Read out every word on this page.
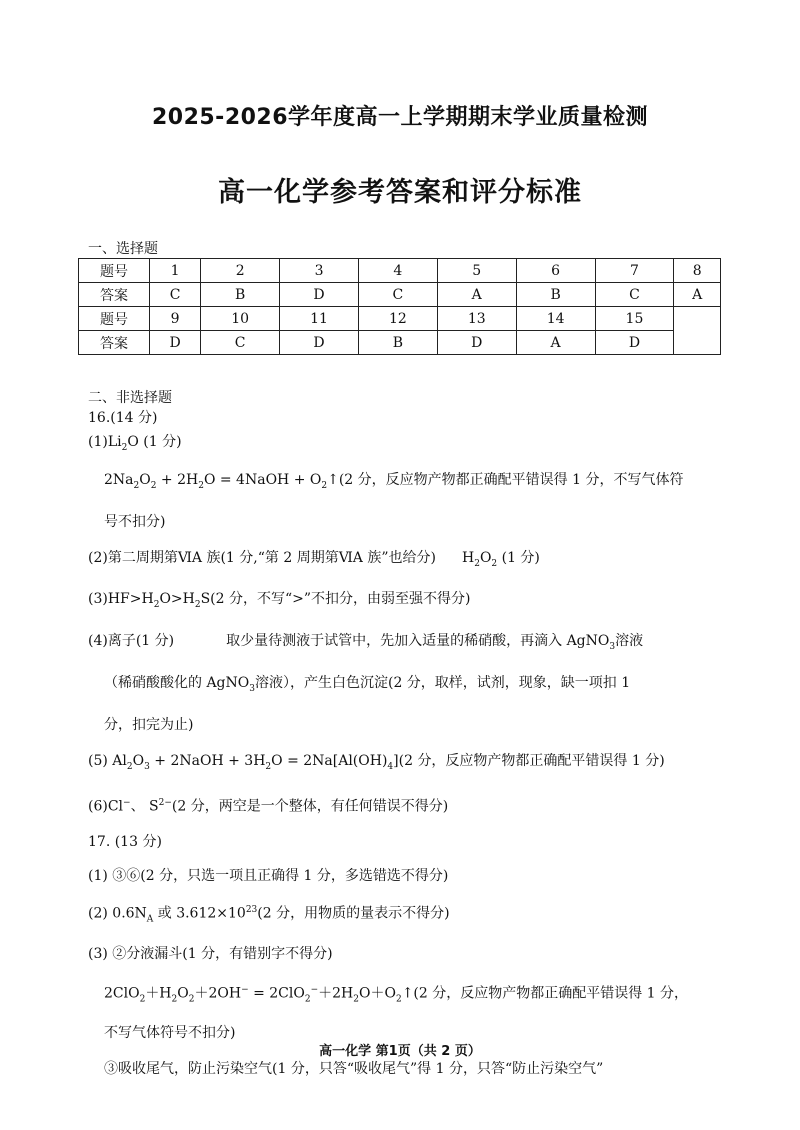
2025-2026学年度高一上学期期末学业质量检测
高一化学参考答案和评分标准
一、选择题
题号	1	2	3	4	5	6	7	8
答案	C	B	D	C	A	B	C	A
题号	9	10	11	12	13	14	15	
答案	D	C	D	B	D	A	D	
二、非选择题
16.(14 分)
$(1)Li_2O$ (1 分)
$2Na_2O_2 + 2H_2O$ = 4NaOH + $O_2↑(2$ 分，反应物产物都正确配平错误得 1 分，不写气体符
号不扣分)
(2)第二周期第ⅥA 族(1 分,“第 2 周期第ⅥA 族”也给分) $H_2O_2$ (1 分)
$(3)HF>H_2O>H_2S(2$ 分，不写“>”不扣分，由弱至强不得分)
(4)离子(1 分)	取少量待测液于试管中，先加入适量的稀硝酸，再滴入 AgNO$_3$溶液
（稀硝酸酸化的 AgNO$_3$溶液），产生白色沉淀(2 分，取样，试剂，现象，缺一项扣 1
分，扣完为止)
(5) $Al_2O_3$ + 2NaOH + $3H_2O = 2Na[Al(OH)_4](2$ 分，反应物产物都正确配平错误得 1 分)
(6)Cl−、 $S^{2-}(2$ 分，两空是一个整体，有任何错误不得分)
17. (13 分)
(1) ③⑥(2 分，只选一项且正确得 1 分，多选错选不得分)
(2) $0.6N_A$ 或 $3.612\times 10^{23}(2$ 分，用物质的量表示不得分)
(3) ②分液漏斗(1 分，有错别字不得分)
$2ClO_2+H_2O_2+2OH^-$ = $2ClO_2^-+2H_2O+O_2↑(2$ 分，反应物产物都正确配平错误得 1 分，
不写气体符号不扣分)
③吸收尾气，防止污染空气(1 分，只答“吸收尾气”得 1 分，只答“防止污染空气”
高一化学 第1页（共 2 页）
